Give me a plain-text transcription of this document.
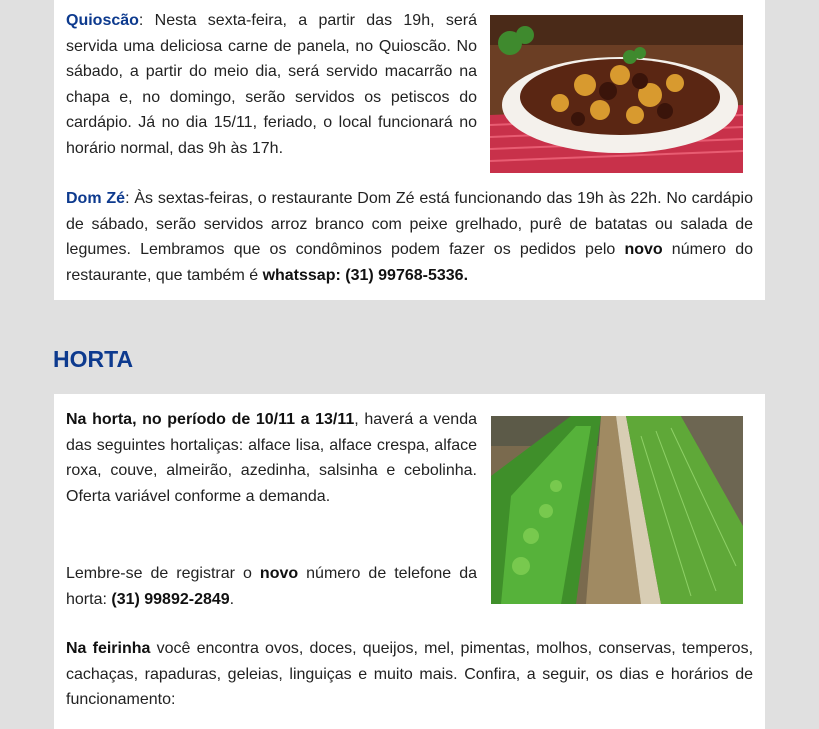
Quioscão: Nesta sexta-feira, a partir das 19h, será servida uma deliciosa carne de panela, no Quioscão. No sábado, a partir do meio dia, será servido macarrão na chapa e, no domingo, serão servidos os petiscos do cardápio. Já no dia 15/11, feriado, o local funcionará no horário normal, das 9h às 17h.

Dom Zé: Às sextas-feiras, o restaurante Dom Zé está funcionando das 19h às 22h. No cardápio de sábado, serão servidos arroz branco com peixe grelhado, purê de batatas ou salada de legumes. Lembramos que os condôminos podem fazer os pedidos pelo novo número do restaurante, que também é whatssap: (31) 99768-5336.

HORTA

Na horta, no período de 10/11 a 13/11, haverá a venda das seguintes hortaliças: alface lisa, alface crespa, alface roxa, couve, almeirão, azedinha, salsinha e cebolinha. Oferta variável conforme a demanda.

Lembre-se de registrar o novo número de telefone da horta: (31) 99892-2849.

Na feirinha você encontra ovos, doces, queijos, mel, pimentas, molhos, conservas, temperos, cachaças, rapaduras, geleias, linguiças e muito mais. Confira, a seguir, os dias e horários de funcionamento:
